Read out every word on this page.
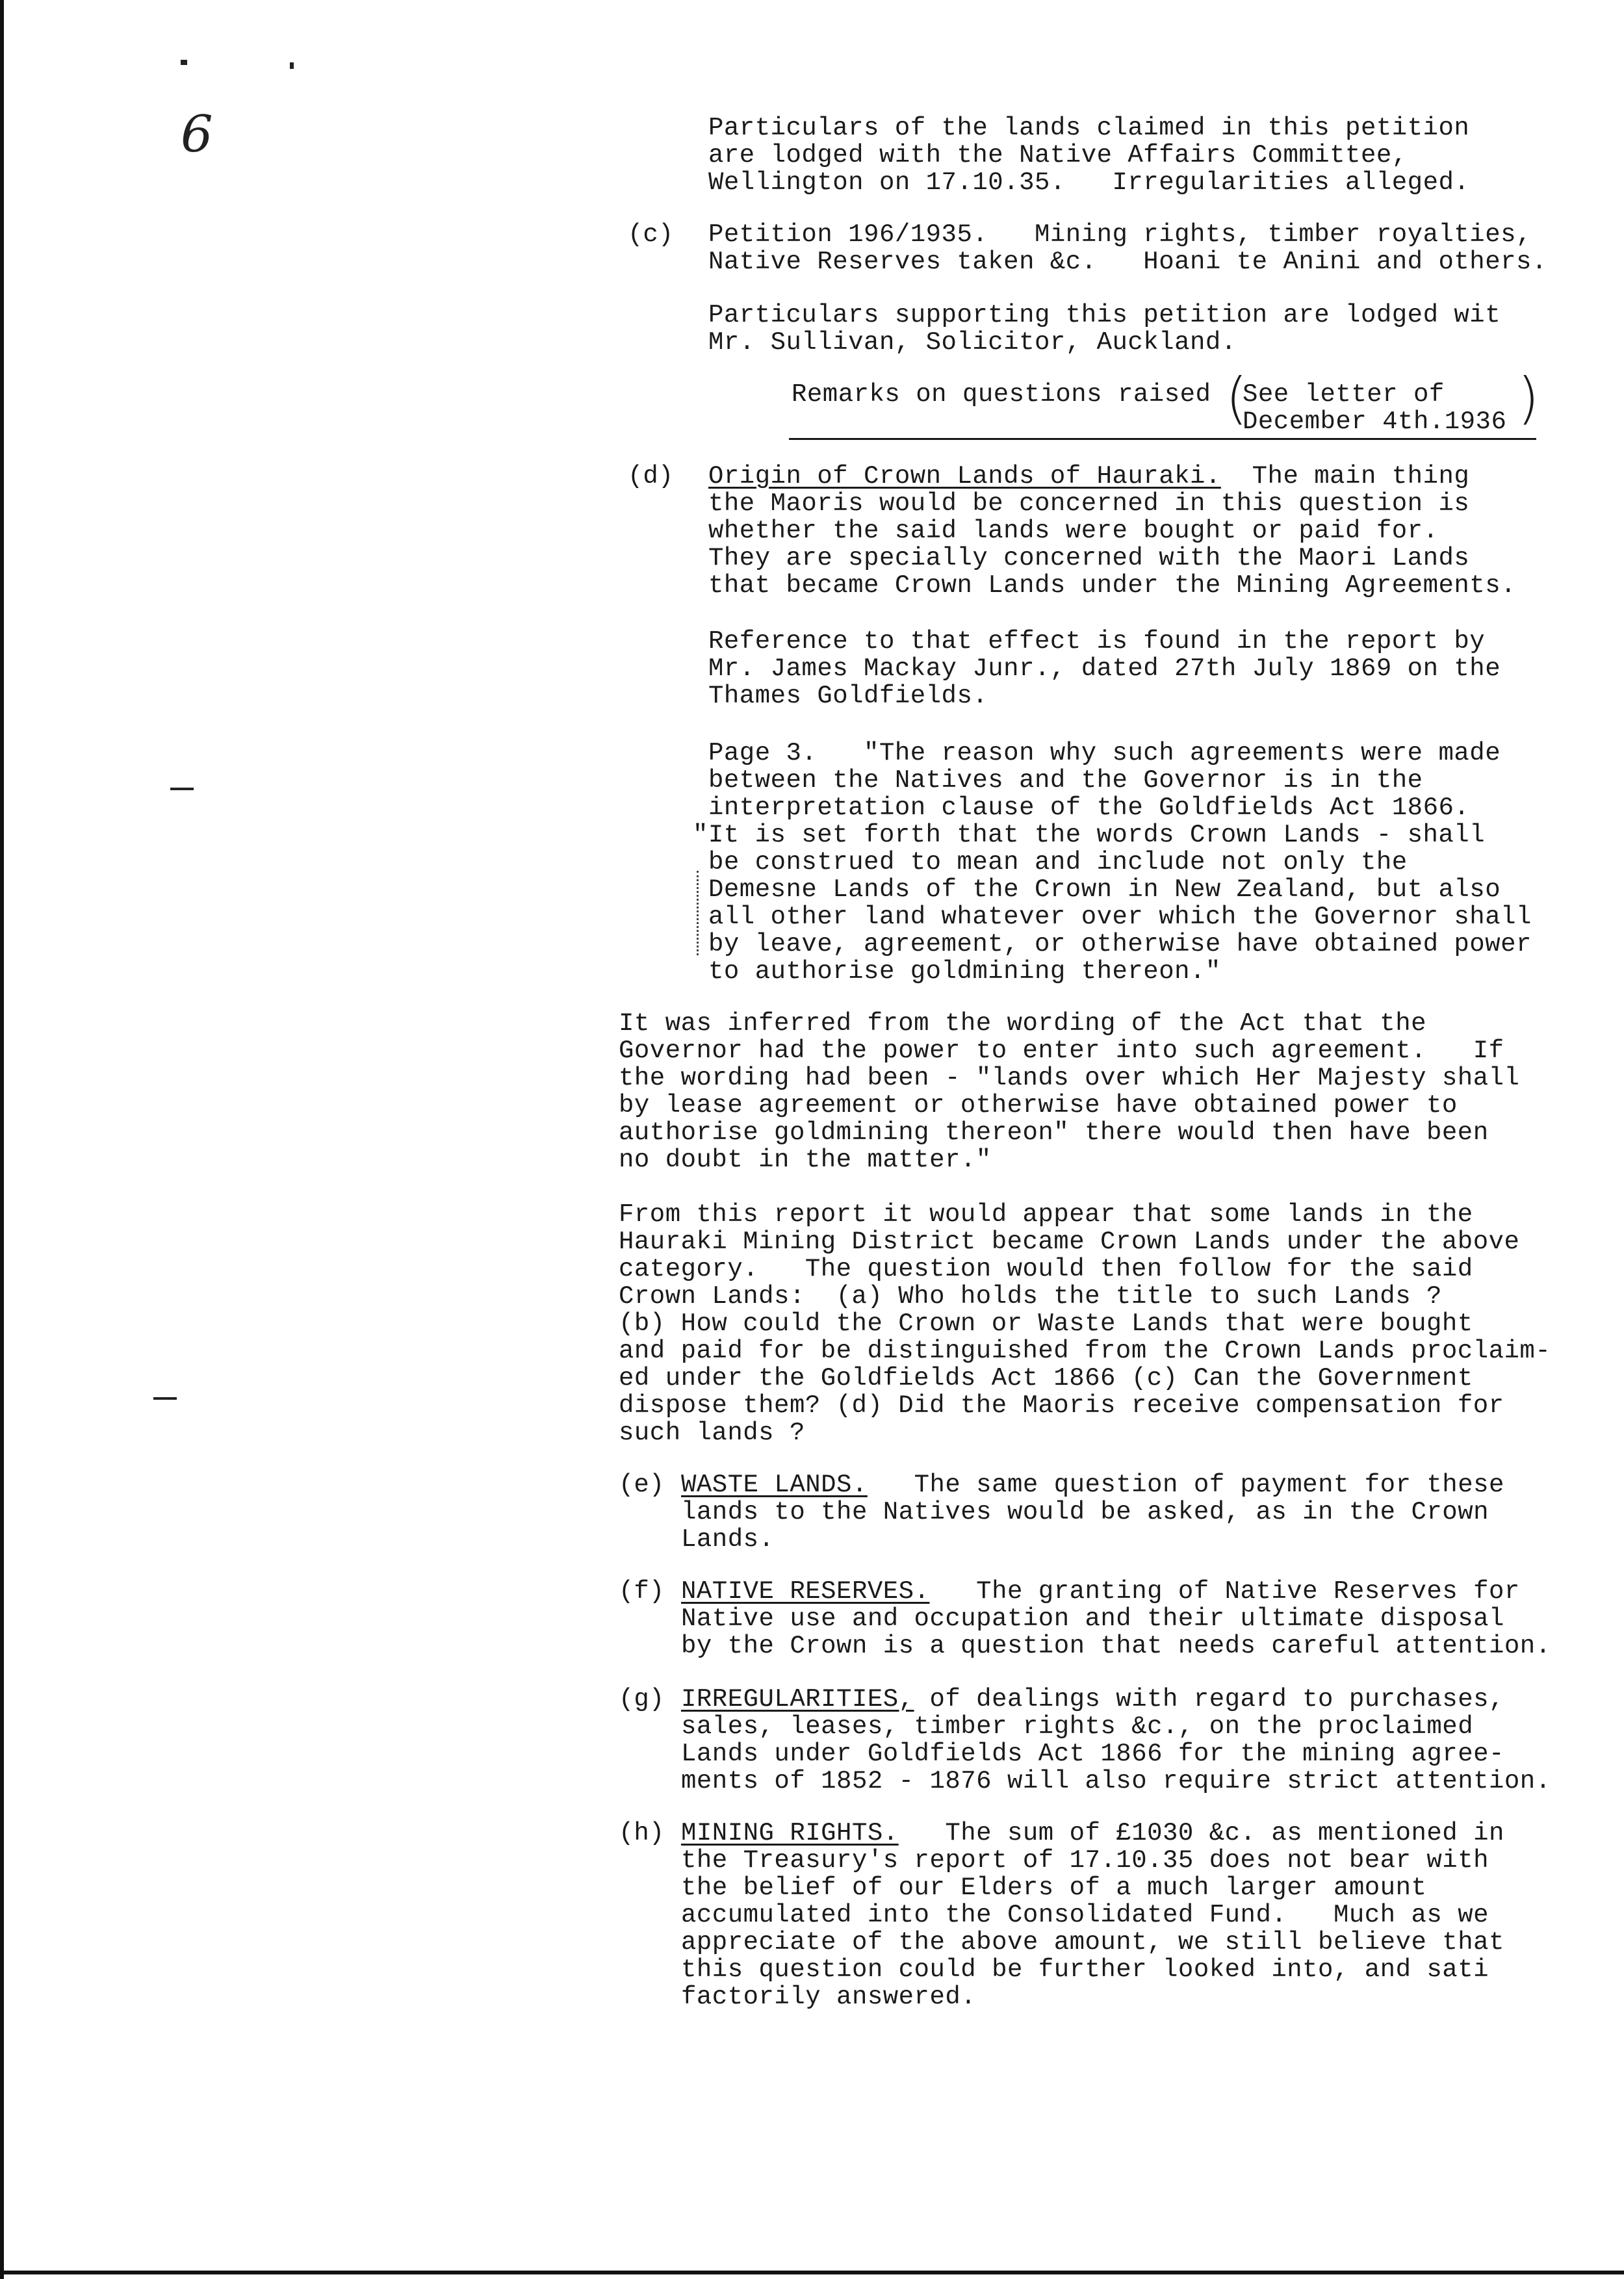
6	Particulars of the lands claimed in this petition
are lodged with the Native Affairs Committee,
Wellington on 17.10.35.   Irregularities alleged.
(c) Petition 196/1935.   Mining rights, timber royalties,
Native Reserves taken &c.   Hoani te Anini and others.
Particulars supporting this petition are lodged wit
Mr. Sullivan, Solicitor, Auckland.
Remarks on questions raised (
See letter of
December 4th.1936 )
(d) Origin of Crown Lands of Hauraki.  The main thing
the Maoris would be concerned in this question is
whether the said lands were bought or paid for.
They are specially concerned with the Maori Lands
that became Crown Lands under the Mining Agreements.
Reference to that effect is found in the report by
Mr. James Mackay Junr., dated 27th July 1869 on the
Thames Goldfields.
Page 3.   "The reason why such agreements were made
between the Natives and the Governor is in the
interpretation clause of the Goldfields Act 1866.
"It is set forth that the words Crown Lands - shall
be construed to mean and include not only the
Demesne Lands of the Crown in New Zealand, but also
all other land whatever over which the Governor shall
by leave, agreement, or otherwise have obtained power
to authorise goldmining thereon."
It was inferred from the wording of the Act that the
Governor had the power to enter into such agreement.   If
the wording had been - "lands over which Her Majesty shall
by lease agreement or otherwise have obtained power to
authorise goldmining thereon" there would then have been
no doubt in the matter."
From this report it would appear that some lands in the
Hauraki Mining District became Crown Lands under the above
category.   The question would then follow for the said
Crown Lands:  (a) Who holds the title to such Lands ?
(b) How could the Crown or Waste Lands that were bought
and paid for be distinguished from the Crown Lands proclaim-
ed under the Goldfields Act 1866 (c) Can the Government
dispose them? (d) Did the Maoris receive compensation for
such lands ?
(e) WASTE LANDS.   The same question of payment for these
lands to the Natives would be asked, as in the Crown
Lands.
(f) NATIVE RESERVES.   The granting of Native Reserves for
Native use and occupation and their ultimate disposal
by the Crown is a question that needs careful attention.
(g) IRREGULARITIES, of dealings with regard to purchases,
sales, leases, timber rights &c., on the proclaimed
Lands under Goldfields Act 1866 for the mining agree-
ments of 1852 - 1876 will also require strict attention.
(h) MINING RIGHTS.   The sum of £1030 &c. as mentioned in
the Treasury's report of 17.10.35 does not bear with
the belief of our Elders of a much larger amount
accumulated into the Consolidated Fund.   Much as we
appreciate of the above amount, we still believe that
this question could be further looked into, and sati
factorily answered.
